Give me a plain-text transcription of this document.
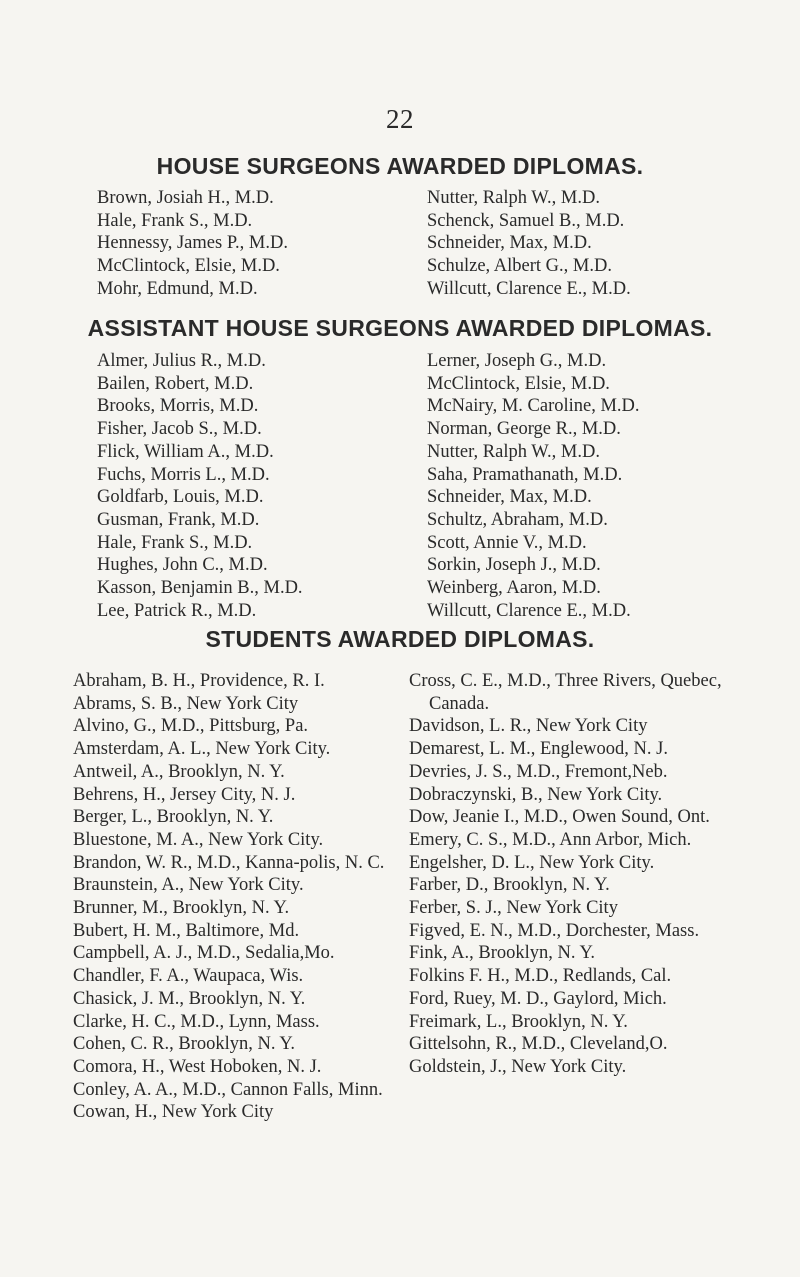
22
HOUSE SURGEONS AWARDED DIPLOMAS.
Brown, Josiah H., M.D.
Hale, Frank S., M.D.
Hennessy, James P., M.D.
McClintock, Elsie, M.D.
Mohr, Edmund, M.D.
Nutter, Ralph W., M.D.
Schenck, Samuel B., M.D.
Schneider, Max, M.D.
Schulze, Albert G., M.D.
Willcutt, Clarence E., M.D.
ASSISTANT HOUSE SURGEONS AWARDED DIPLOMAS.
Almer, Julius R., M.D.
Bailen, Robert, M.D.
Brooks, Morris, M.D.
Fisher, Jacob S., M.D.
Flick, William A., M.D.
Fuchs, Morris L., M.D.
Goldfarb, Louis, M.D.
Gusman, Frank, M.D.
Hale, Frank S., M.D.
Hughes, John C., M.D.
Kasson, Benjamin B., M.D.
Lee, Patrick R., M.D.
Lerner, Joseph G., M.D.
McClintock, Elsie, M.D.
McNairy, M. Caroline, M.D.
Norman, George R., M.D.
Nutter, Ralph W., M.D.
Saha, Pramathanath, M.D.
Schneider, Max, M.D.
Schultz, Abraham, M.D.
Scott, Annie V., M.D.
Sorkin, Joseph J., M.D.
Weinberg, Aaron, M.D.
Willcutt, Clarence E., M.D.
STUDENTS AWARDED DIPLOMAS.
Abraham, B. H., Providence, R. I.
Abrams, S. B., New York City
Alvino, G., M.D., Pittsburg, Pa.
Amsterdam, A. L., New York City.
Antweil, A., Brooklyn, N. Y.
Behrens, H., Jersey City, N. J.
Berger, L., Brooklyn, N. Y.
Bluestone, M. A., New York City.
Brandon, W. R., M.D., Kanna-polis, N. C.
Braunstein, A., New York City.
Brunner, M., Brooklyn, N. Y.
Bubert, H. M., Baltimore, Md.
Campbell, A. J., M.D., Sedalia,Mo.
Chandler, F. A., Waupaca, Wis.
Chasick, J. M., Brooklyn, N. Y.
Clarke, H. C., M.D., Lynn, Mass.
Cohen, C. R., Brooklyn, N. Y.
Comora, H., West Hoboken, N. J.
Conley, A. A., M.D., Cannon Falls, Minn.
Cowan, H., New York City
Cross, C. E., M.D., Three Rivers, Quebec, Canada.
Davidson, L. R., New York City
Demarest, L. M., Englewood, N. J.
Devries, J. S., M.D., Fremont,Neb.
Dobraczynski, B., New York City.
Dow, Jeanie I., M.D., Owen Sound, Ont.
Emery, C. S., M.D., Ann Arbor, Mich.
Engelsher, D. L., New York City.
Farber, D., Brooklyn, N. Y.
Ferber, S. J., New York City
Figved, E. N., M.D., Dorchester, Mass.
Fink, A., Brooklyn, N. Y.
Folkins F. H., M.D., Redlands, Cal.
Ford, Ruey, M. D., Gaylord, Mich.
Freimark, L., Brooklyn, N. Y.
Gittelsohn, R., M.D., Cleveland,O.
Goldstein, J., New York City.
